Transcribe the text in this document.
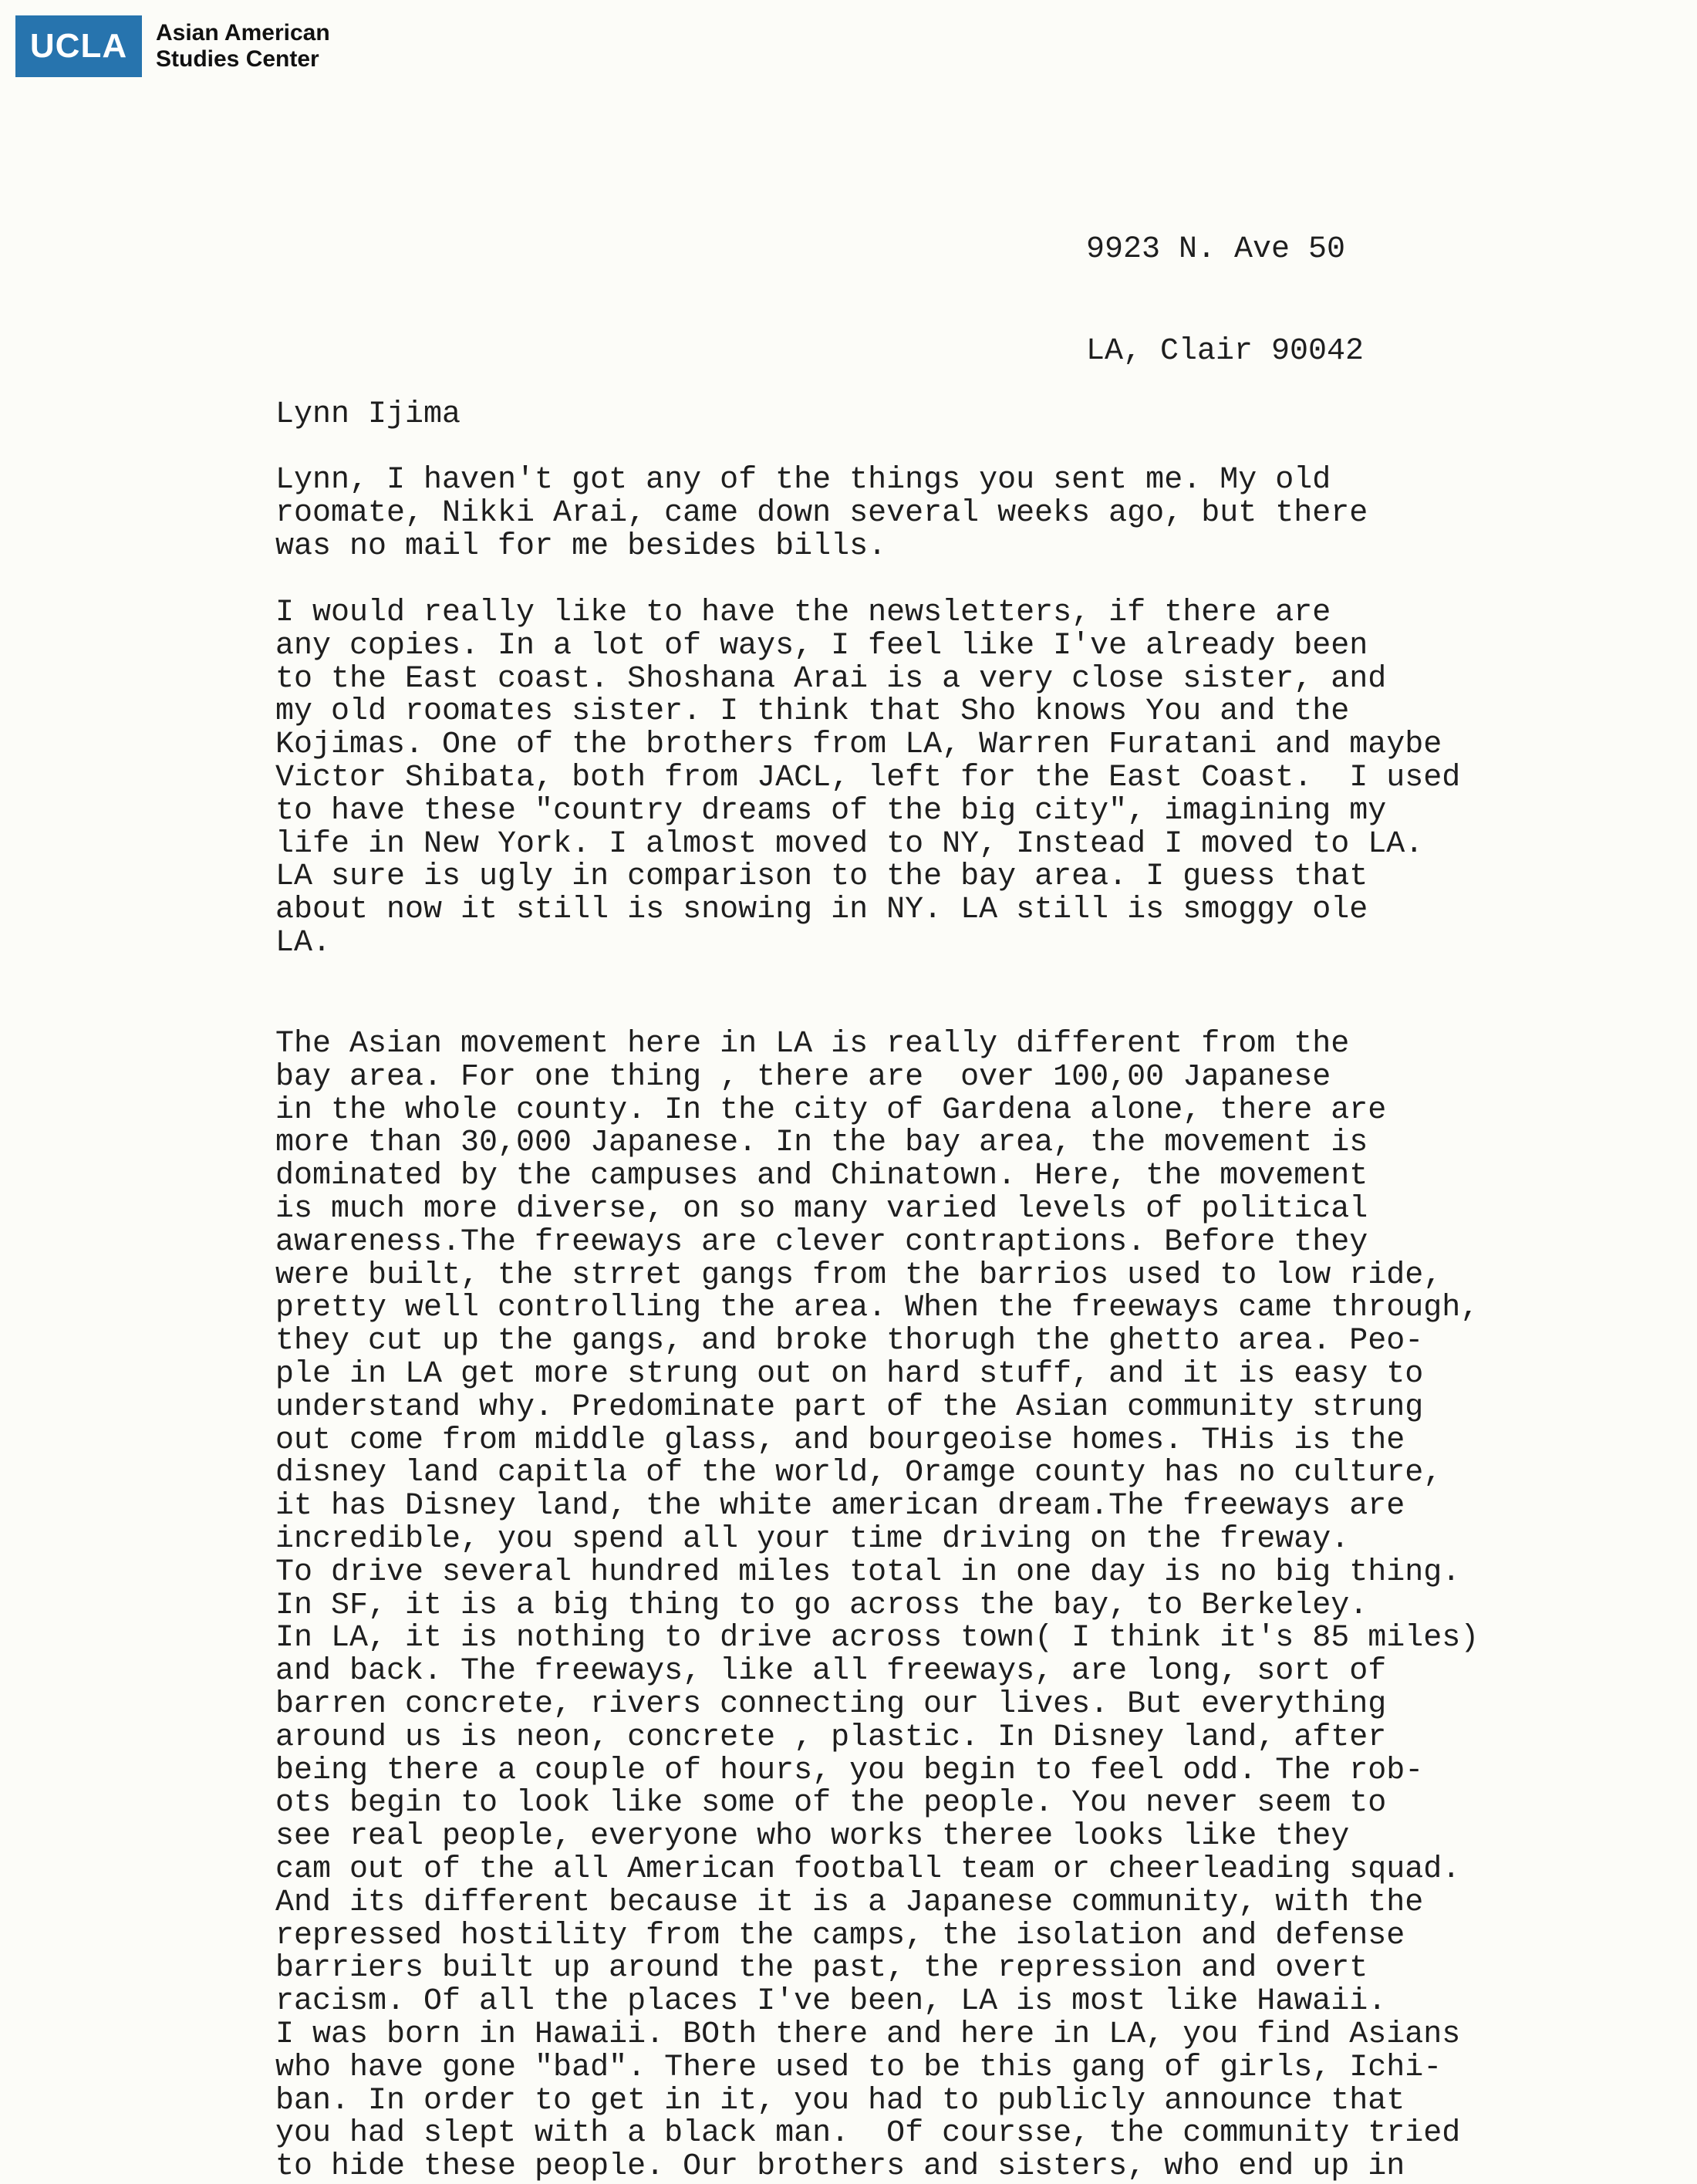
UCLA	Asian American
Studies Center

9923 N. Ave 50

LA, Clair 90042

Lynn Ijima
Lynn, I haven't got any of the things you sent me. My old
roomate, Nikki Arai, came down several weeks ago, but there
was no mail for me besides bills.
I would really like to have the newsletters, if there are
any copies. In a lot of ways, I feel like I've already been
to the East coast. Shoshana Arai is a very close sister, and
my old roomates sister. I think that Sho knows You and the
Kojimas. One of the brothers from LA, Warren Furatani and maybe
Victor Shibata, both from JACL, left for the East Coast.  I used
to have these "country dreams of the big city", imagining my
life in New York. I almost moved to NY, Instead I moved to LA.
LA sure is ugly in comparison to the bay area. I guess that
about now it still is snowing in NY. LA still is smoggy ole
LA.
The Asian movement here in LA is really different from the
bay area. For one thing , there are  over 100,00 Japanese
in the whole county. In the city of Gardena alone, there are
more than 30,000 Japanese. In the bay area, the movement is
dominated by the campuses and Chinatown. Here, the movement
is much more diverse, on so many varied levels of political
awareness.The freeways are clever contraptions. Before they
were built, the strret gangs from the barrios used to low ride,
pretty well controlling the area. When the freeways came through,
they cut up the gangs, and broke thorugh the ghetto area. Peo-
ple in LA get more strung out on hard stuff, and it is easy to
understand why. Predominate part of the Asian community strung
out come from middle glass, and bourgeoise homes. THis is the
disney land capitla of the world, Oramge county has no culture,
it has Disney land, the white american dream.The freeways are
incredible, you spend all your time driving on the freway.
To drive several hundred miles total in one day is no big thing.
In SF, it is a big thing to go across the bay, to Berkeley.
In LA, it is nothing to drive across town( I think it's 85 miles)
and back. The freeways, like all freeways, are long, sort of
barren concrete, rivers connecting our lives. But everything
around us is neon, concrete , plastic. In Disney land, after
being there a couple of hours, you begin to feel odd. The rob-
ots begin to look like some of the people. You never seem to
see real people, everyone who works theree looks like they
cam out of the all American football team or cheerleading squad.
And its different because it is a Japanese community, with the
repressed hostility from the camps, the isolation and defense
barriers built up around the past, the repression and overt
racism. Of all the places I've been, LA is most like Hawaii.
I was born in Hawaii. BOth there and here in LA, you find Asians
who have gone "bad". There used to be this gang of girls, Ichi-
ban. In order to get in it, you had to publicly announce that
you had slept with a black man.  Of coursse, the community tried
to hide these people. Our brothers and sisters, who end up in
